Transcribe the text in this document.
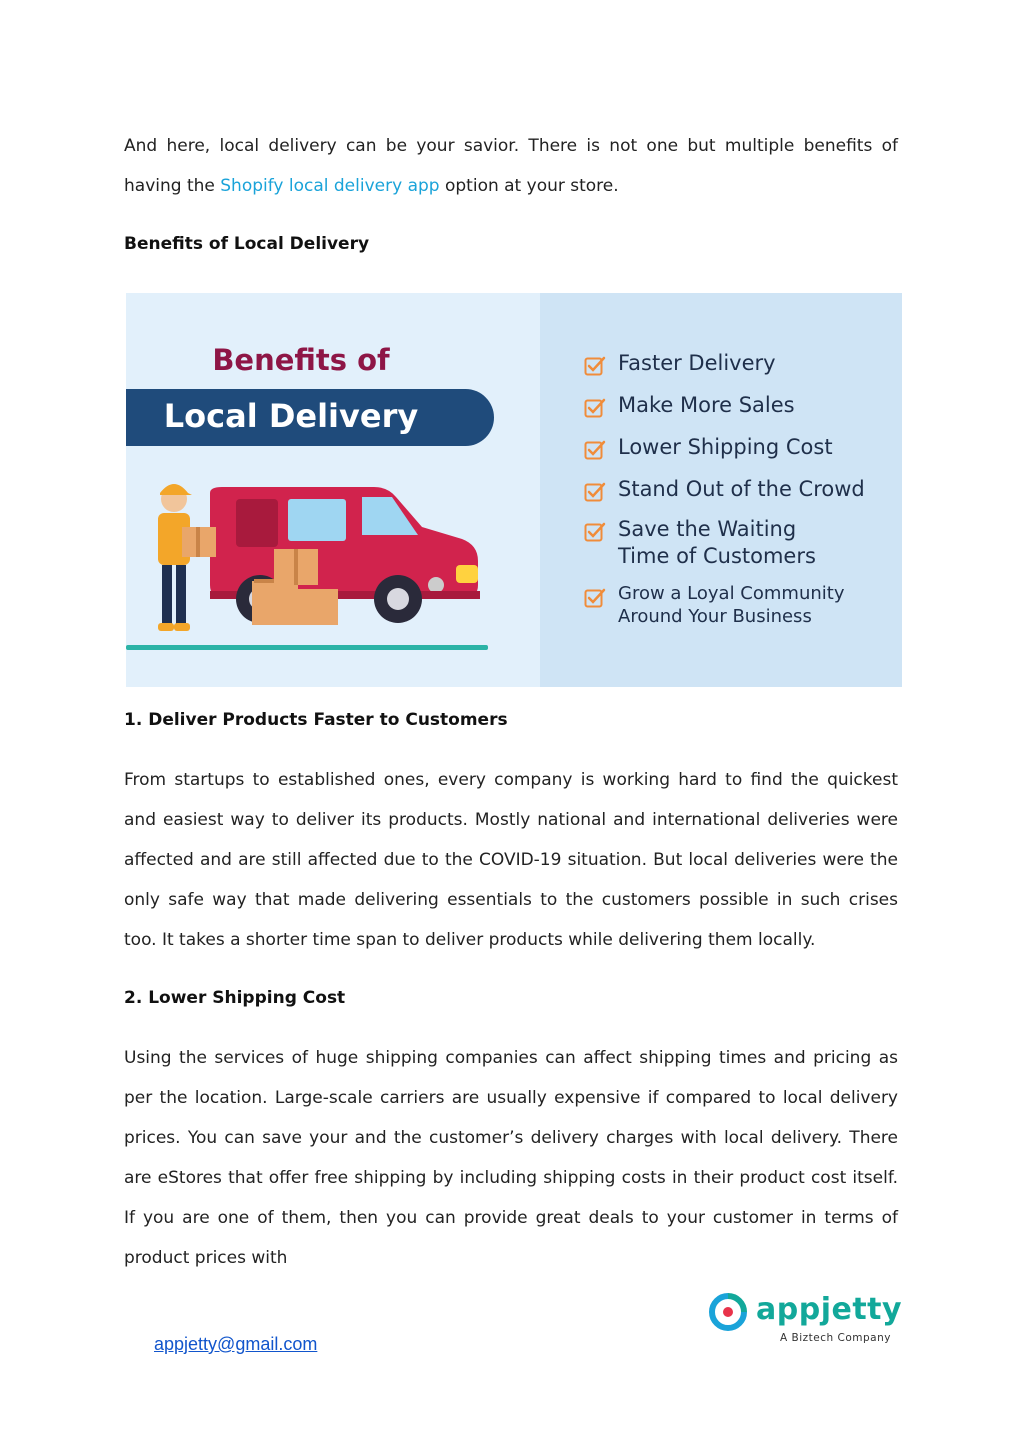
And here, local delivery can be your savior. There is not one but multiple benefits of having the Shopify local delivery app option at your store.

Benefits of Local Delivery
Benefits of
Local Delivery
Faster Delivery
Make More Sales
Lower Shipping Cost
Stand Out of the Crowd
Save the Waiting
Time of Customers
Grow a Loyal Community
Around Your Business
1. Deliver Products Faster to Customers

From startups to established ones, every company is working hard to find the quickest and easiest way to deliver its products. Mostly national and international deliveries were affected and are still affected due to the COVID-19 situation. But local deliveries were the only safe way that made delivering essentials to the customers possible in such crises too. It takes a shorter time span to deliver products while delivering them locally.

2. Lower Shipping Cost

Using the services of huge shipping companies can affect shipping times and pricing as per the location. Large-scale carriers are usually expensive if compared to local delivery prices. You can save your and the customer’s delivery charges with local delivery. There are eStores that offer free shipping by including shipping costs in their product cost itself. If you are one of them, then you can provide great deals to your customer in terms of product prices with

appjetty@gmail.com
appjetty
A Biztech Company
